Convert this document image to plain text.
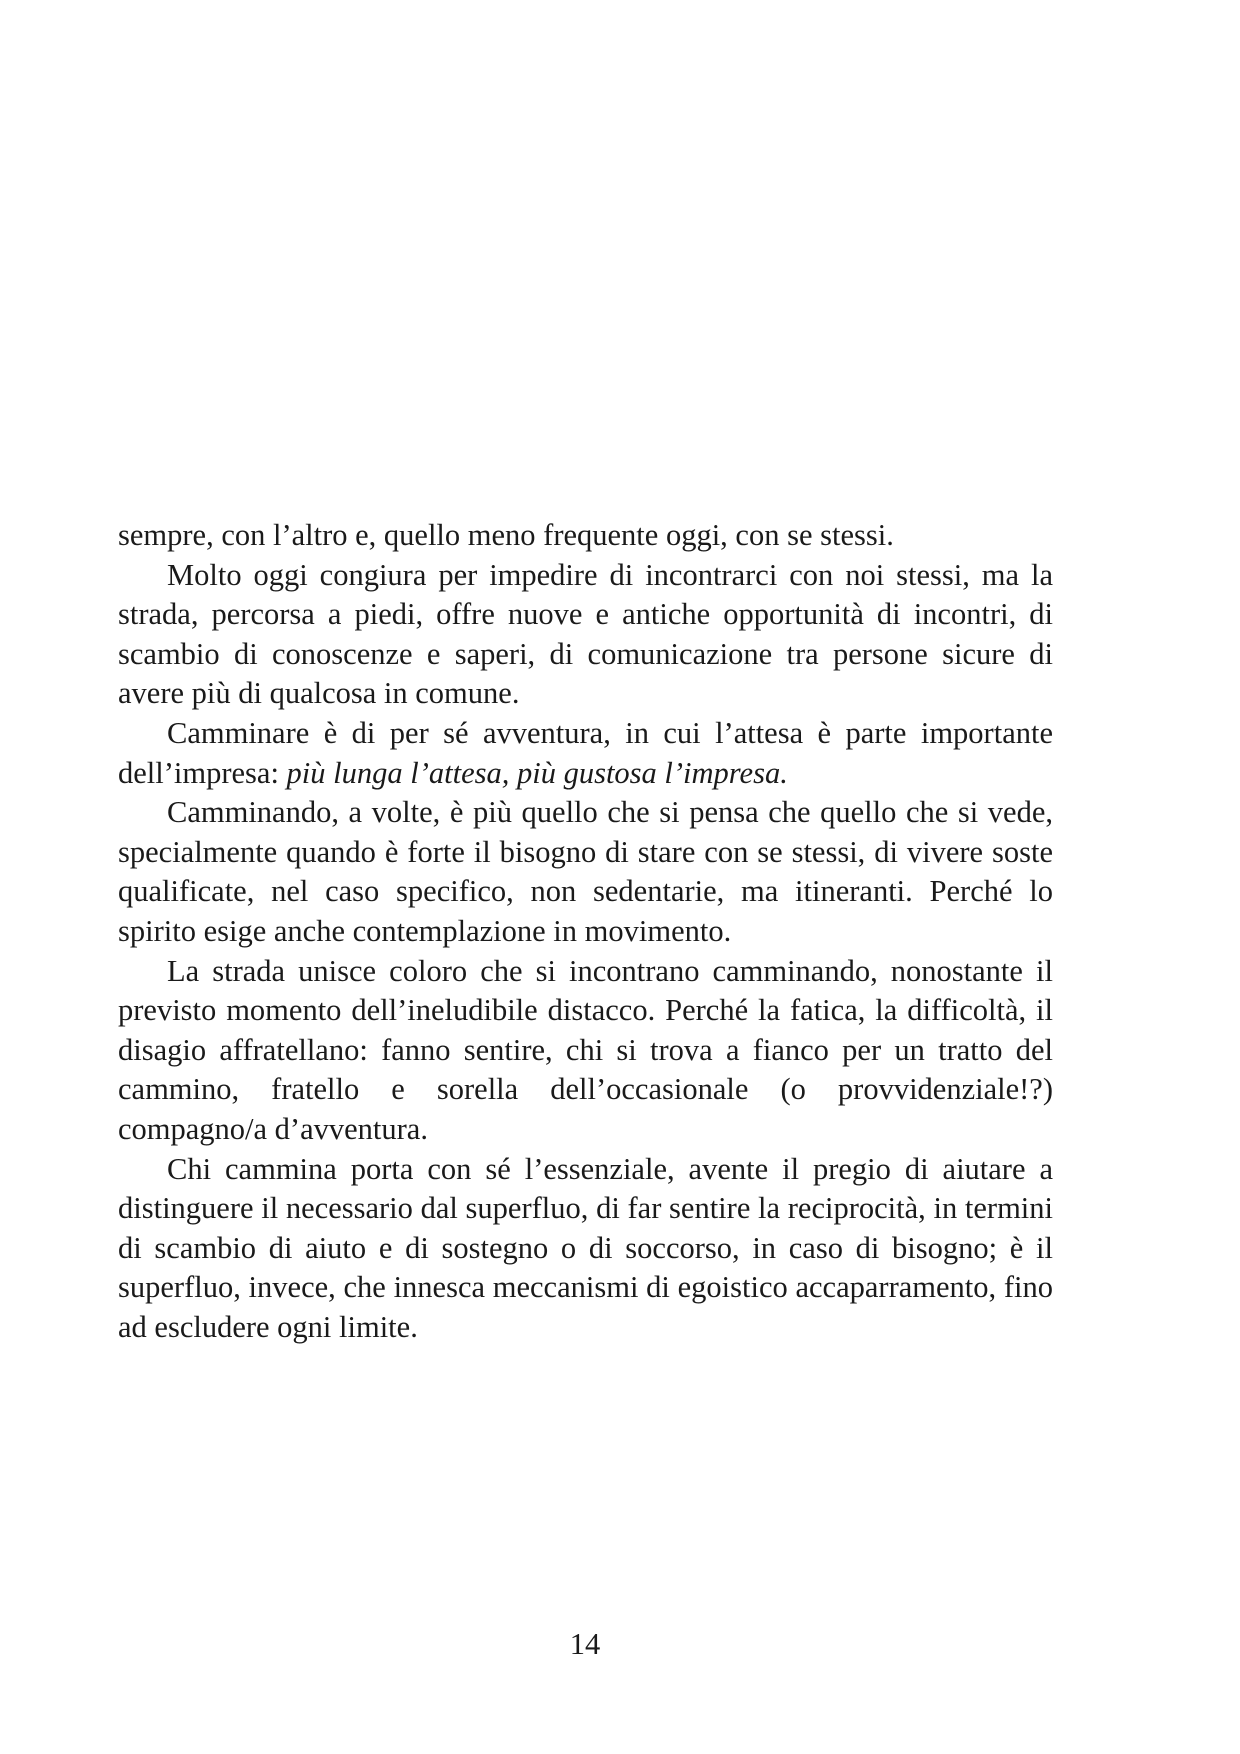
sempre, con l’altro e, quello meno frequente oggi, con se stessi.

Molto oggi congiura per impedire di incontrarci con noi stessi, ma la strada, percorsa a piedi, offre nuove e antiche opportunità di incontri, di scambio di conoscenze e saperi, di comunicazione tra persone sicure di avere più di qualcosa in comune.

Camminare è di per sé avventura, in cui l’attesa è parte importante dell’impresa: più lunga l’attesa, più gustosa l’impresa.

Camminando, a volte, è più quello che si pensa che quello che si vede, specialmente quando è forte il bisogno di stare con se stessi, di vivere soste qualificate, nel caso specifico, non sedentarie, ma itineranti. Perché lo spirito esige anche contemplazione in movimento.

La strada unisce coloro che si incontrano camminando, nonostante il previsto momento dell’ineludibile distacco. Perché la fatica, la difficoltà, il disagio affratellano: fanno sentire, chi si trova a fianco per un tratto del cammino, fratello e sorella dell’occasionale (o provvidenziale!?) compagno/a d’avventura.

Chi cammina porta con sé l’essenziale, avente il pregio di aiutare a distinguere il necessario dal superfluo, di far sentire la reciprocità, in termini di scambio di aiuto e di sostegno o di soccorso, in caso di bisogno; è il superfluo, invece, che innesca meccanismi di egoistico accaparramento, fino ad escludere ogni limite.

14
